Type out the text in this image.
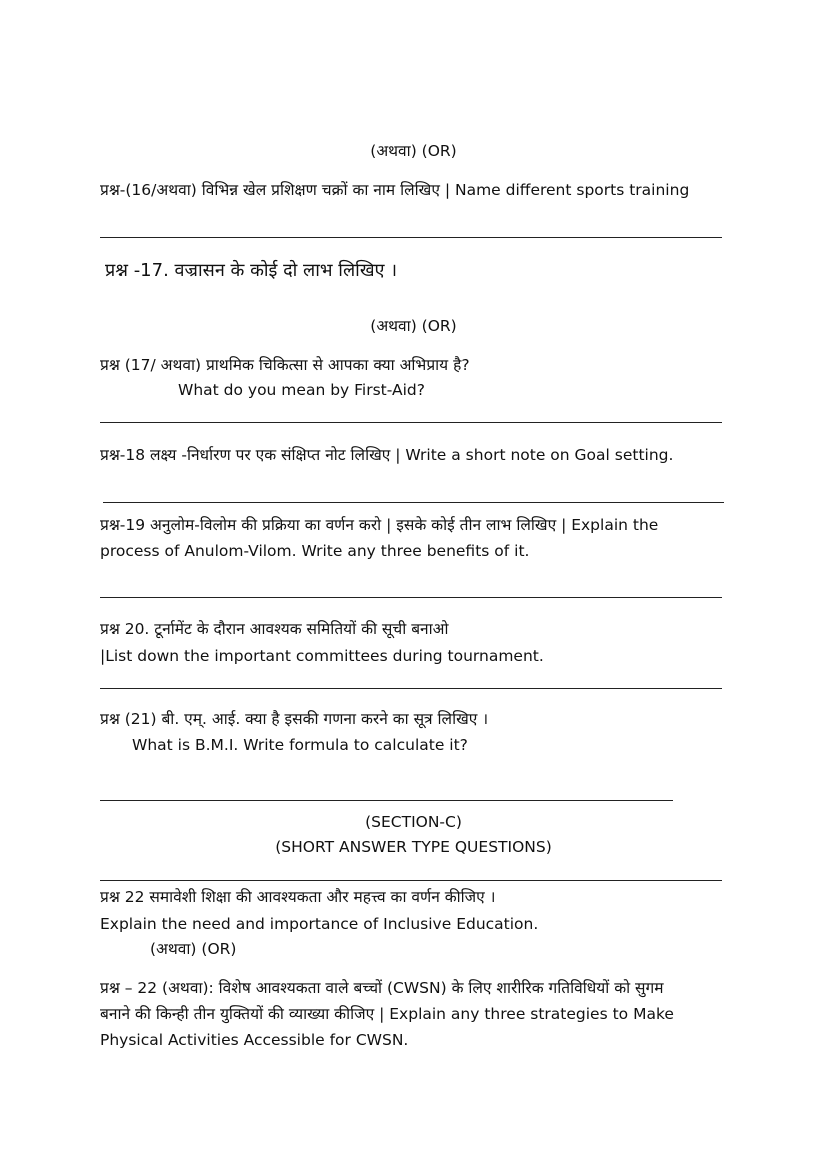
(अथवा) (OR)
प्रश्न-(16/अथवा) विभिन्न खेल प्रशिक्षण चक्रों का नाम लिखिए | Name different sports training
प्रश्न -17. वज्रासन के कोई दो लाभ लिखिए ।
(अथवा) (OR)
प्रश्न (17/ अथवा) प्राथमिक चिकित्सा से आपका क्या अभिप्राय है?
What do you mean by First-Aid?
प्रश्न-18 लक्ष्य -निर्धारण पर एक संक्षिप्त नोट लिखिए | Write a short note on Goal setting.
प्रश्न-19 अनुलोम-विलोम की प्रक्रिया का वर्णन करो | इसके कोई तीन लाभ लिखिए | Explain the
process of Anulom-Vilom. Write any three benefits of it.
प्रश्न 20. टूर्नामेंट के दौरान आवश्यक समितियों की सूची बनाओ
|List down the important committees during tournament.
प्रश्न (21) बी. एम्. आई. क्या है इसकी गणना करने का सूत्र लिखिए ।
What is B.M.I. Write formula to calculate it?
(SECTION-C)
(SHORT ANSWER TYPE QUESTIONS)
प्रश्न 22 समावेशी शिक्षा की आवश्यकता और महत्त्व का वर्णन कीजिए ।
Explain the need and importance of Inclusive Education.
(अथवा) (OR)
प्रश्न – 22 (अथवा): विशेष आवश्यकता वाले बच्चों (CWSN) के लिए शारीरिक गतिविधियों को सुगम
बनाने की किन्ही तीन युक्तियों की व्याख्या कीजिए | Explain any three strategies to Make
Physical Activities Accessible for CWSN.
